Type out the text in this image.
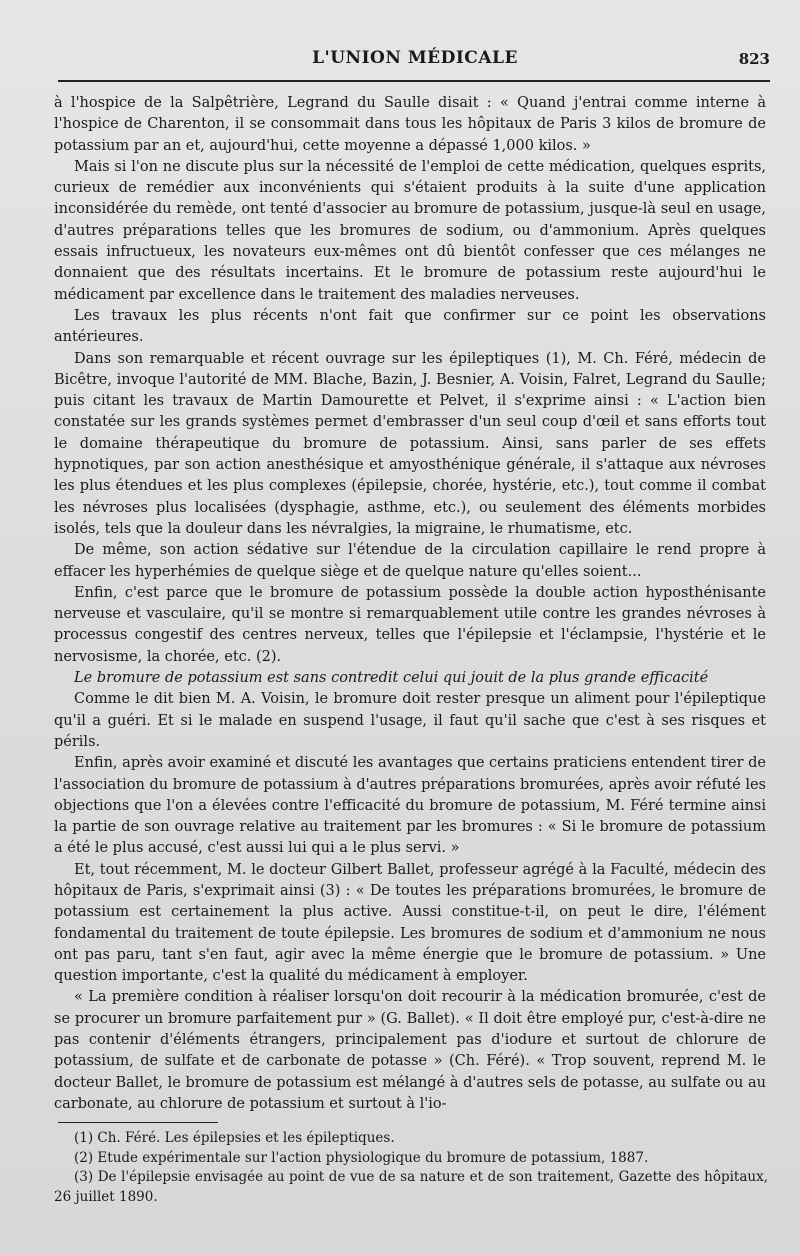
L'UNION MÉDICALE	823

à l'hospice de la Salpêtrière, Legrand du Saulle disait : « Quand j'entrai comme interne à l'hospice de Charenton, il se consommait dans tous les hôpitaux de Paris 3 kilos de bromure de potassium par an et, aujourd'hui, cette moyenne a dépassé 1,000 kilos. »

Mais si l'on ne discute plus sur la nécessité de l'emploi de cette médication, quelques esprits, curieux de remédier aux inconvénients qui s'étaient produits à la suite d'une application inconsidérée du remède, ont tenté d'associer au bromure de potassium, jusque-là seul en usage, d'autres préparations telles que les bromures de sodium, ou d'ammonium. Après quelques essais infructueux, les novateurs eux-mêmes ont dû bientôt confesser que ces mélanges ne donnaient que des résultats incertains. Et le bromure de potassium reste aujourd'hui le médicament par excellence dans le traitement des maladies nerveuses.

Les travaux les plus récents n'ont fait que confirmer sur ce point les observations antérieures.

Dans son remarquable et récent ouvrage sur les épileptiques (1), M. Ch. Féré, médecin de Bicêtre, invoque l'autorité de MM. Blache, Bazin, J. Besnier, A. Voisin, Falret, Legrand du Saulle; puis citant les travaux de Martin Damourette et Pelvet, il s'exprime ainsi : « L'action bien constatée sur les grands systèmes permet d'embrasser d'un seul coup d'œil et sans efforts tout le domaine thérapeutique du bromure de potassium. Ainsi, sans parler de ses effets hypnotiques, par son action anesthésique et amyosthénique générale, il s'attaque aux névroses les plus étendues et les plus complexes (épilepsie, chorée, hystérie, etc.), tout comme il combat les névroses plus localisées (dysphagie, asthme, etc.), ou seulement des éléments morbides isolés, tels que la douleur dans les névralgies, la migraine, le rhumatisme, etc.

De même, son action sédative sur l'étendue de la circulation capillaire le rend propre à effacer les hyperhémies de quelque siège et de quelque nature qu'elles soient...

Enfin, c'est parce que le bromure de potassium possède la double action hyposthénisante nerveuse et vasculaire, qu'il se montre si remarquablement utile contre les grandes névroses à processus congestif des centres nerveux, telles que l'épilepsie et l'éclampsie, l'hystérie et le nervosisme, la chorée, etc. (2).

Le bromure de potassium est sans contredit celui qui jouit de la plus grande efficacité

Comme le dit bien M. A. Voisin, le bromure doit rester presque un aliment pour l'épileptique qu'il a guéri. Et si le malade en suspend l'usage, il faut qu'il sache que c'est à ses risques et périls.

Enfin, après avoir examiné et discuté les avantages que certains praticiens entendent tirer de l'association du bromure de potassium à d'autres préparations bromurées, après avoir réfuté les objections que l'on a élevées contre l'efficacité du bromure de potassium, M. Féré termine ainsi la partie de son ouvrage relative au traitement par les bromures : « Si le bromure de potassium a été le plus accusé, c'est aussi lui qui a le plus servi. »

Et, tout récemment, M. le docteur Gilbert Ballet, professeur agrégé à la Faculté, médecin des hôpitaux de Paris, s'exprimait ainsi (3) : « De toutes les préparations bromurées, le bromure de potassium est certainement la plus active. Aussi constitue-t-il, on peut le dire, l'élément fondamental du traitement de toute épilepsie. Les bromures de sodium et d'ammonium ne nous ont pas paru, tant s'en faut, agir avec la même énergie que le bromure de potassium. » Une question importante, c'est la qualité du médicament à employer.

« La première condition à réaliser lorsqu'on doit recourir à la médication bromurée, c'est de se procurer un bromure parfaitement pur » (G. Ballet). « Il doit être employé pur, c'est-à-dire ne pas contenir d'éléments étrangers, principalement pas d'iodure et surtout de chlorure de potassium, de sulfate et de carbonate de potasse » (Ch. Féré). « Trop souvent, reprend M. le docteur Ballet, le bromure de potassium est mélangé à d'autres sels de potasse, au sulfate ou au carbonate, au chlorure de potassium et surtout à l'io-

(1) Ch. Féré. Les épilepsies et les épileptiques.

(2) Etude expérimentale sur l'action physiologique du bromure de potassium, 1887.

(3) De l'épilepsie envisagée au point de vue de sa nature et de son traitement, Gazette des hôpitaux, 26 juillet 1890.
